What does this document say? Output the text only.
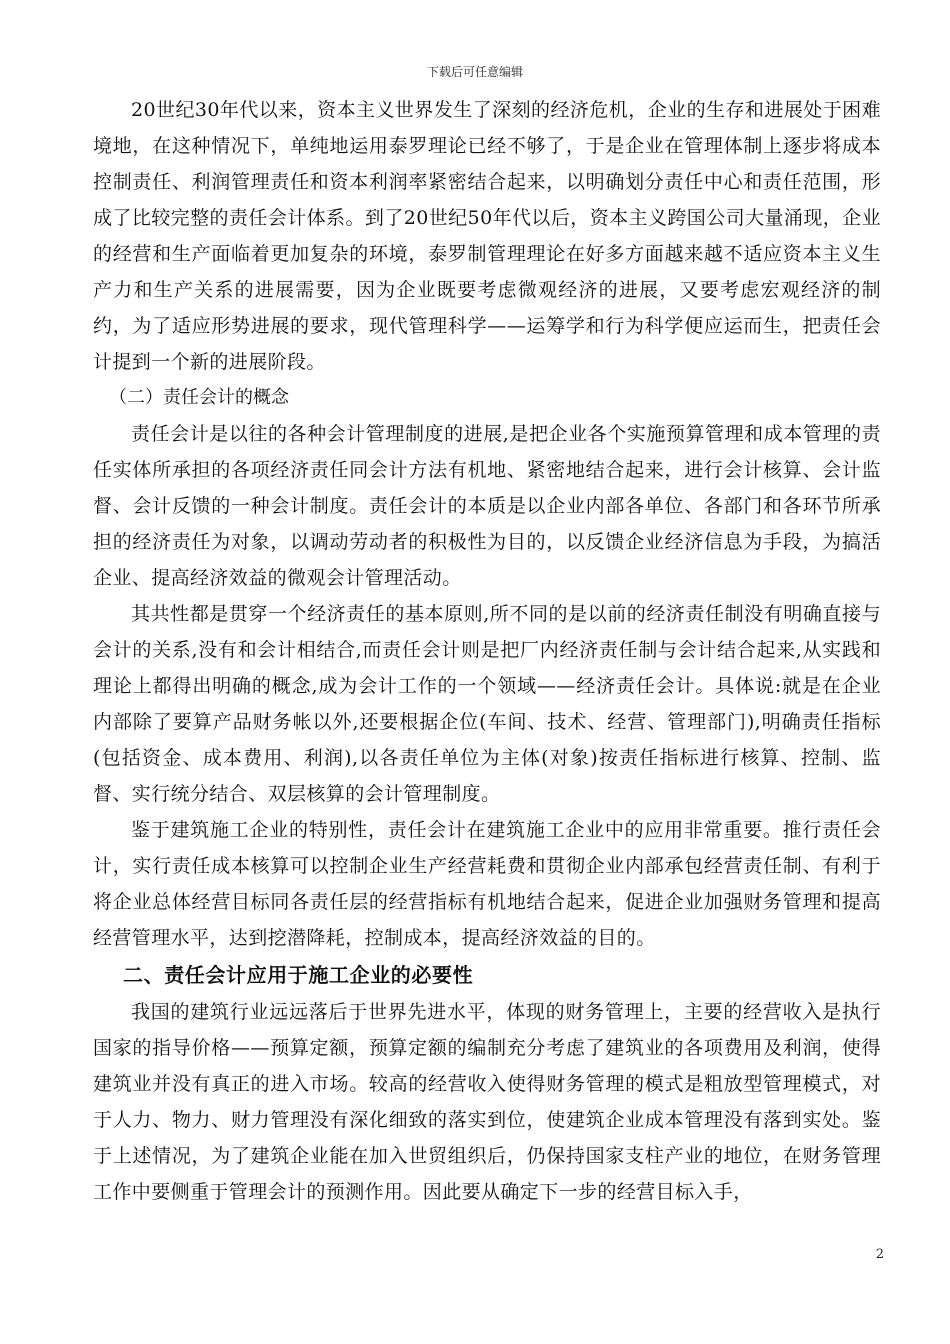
下载后可任意编辑

20世纪30年代以来，资本主义世界发生了深刻的经济危机，企业的生存和进展处于困难境地，在这种情况下，单纯地运用泰罗理论已经不够了，于是企业在管理体制上逐步将成本控制责任、利润管理责任和资本利润率紧密结合起来，以明确划分责任中心和责任范围，形成了比较完整的责任会计体系。到了20世纪50年代以后，资本主义跨国公司大量涌现，企业的经营和生产面临着更加复杂的环境，泰罗制管理理论在好多方面越来越不适应资本主义生产力和生产关系的进展需要，因为企业既要考虑微观经济的进展，又要考虑宏观经济的制约，为了适应形势进展的要求，现代管理科学——运筹学和行为科学便应运而生，把责任会计提到一个新的进展阶段。

（二）责任会计的概念

责任会计是以往的各种会计管理制度的进展,是把企业各个实施预算管理和成本管理的责任实体所承担的各项经济责任同会计方法有机地、紧密地结合起来，进行会计核算、会计监督、会计反馈的一种会计制度。责任会计的本质是以企业内部各单位、各部门和各环节所承担的经济责任为对象，以调动劳动者的积极性为目的，以反馈企业经济信息为手段，为搞活企业、提高经济效益的微观会计管理活动。

其共性都是贯穿一个经济责任的基本原则,所不同的是以前的经济责任制没有明确直接与会计的关系,没有和会计相结合,而责任会计则是把厂内经济责任制与会计结合起来,从实践和理论上都得出明确的概念,成为会计工作的一个领域——经济责任会计。具体说:就是在企业内部除了要算产品财务帐以外,还要根据企位(车间、技术、经营、管理部门),明确责任指标(包括资金、成本费用、利润),以各责任单位为主体(对象)按责任指标进行核算、控制、监督、实行统分结合、双层核算的会计管理制度。

鉴于建筑施工企业的特别性，责任会计在建筑施工企业中的应用非常重要。推行责任会计，实行责任成本核算可以控制企业生产经营耗费和贯彻企业内部承包经营责任制、有利于将企业总体经营目标同各责任层的经营指标有机地结合起来，促进企业加强财务管理和提高经营管理水平，达到挖潜降耗，控制成本，提高经济效益的目的。

二、责任会计应用于施工企业的必要性

我国的建筑行业远远落后于世界先进水平，体现的财务管理上，主要的经营收入是执行国家的指导价格——预算定额，预算定额的编制充分考虑了建筑业的各项费用及利润，使得建筑业并没有真正的进入市场。较高的经营收入使得财务管理的模式是粗放型管理模式，对于人力、物力、财力管理没有深化细致的落实到位，使建筑企业成本管理没有落到实处。鉴于上述情况，为了建筑企业能在加入世贸组织后，仍保持国家支柱产业的地位，在财务管理工作中要侧重于管理会计的预测作用。因此要从确定下一步的经营目标入手，

2
